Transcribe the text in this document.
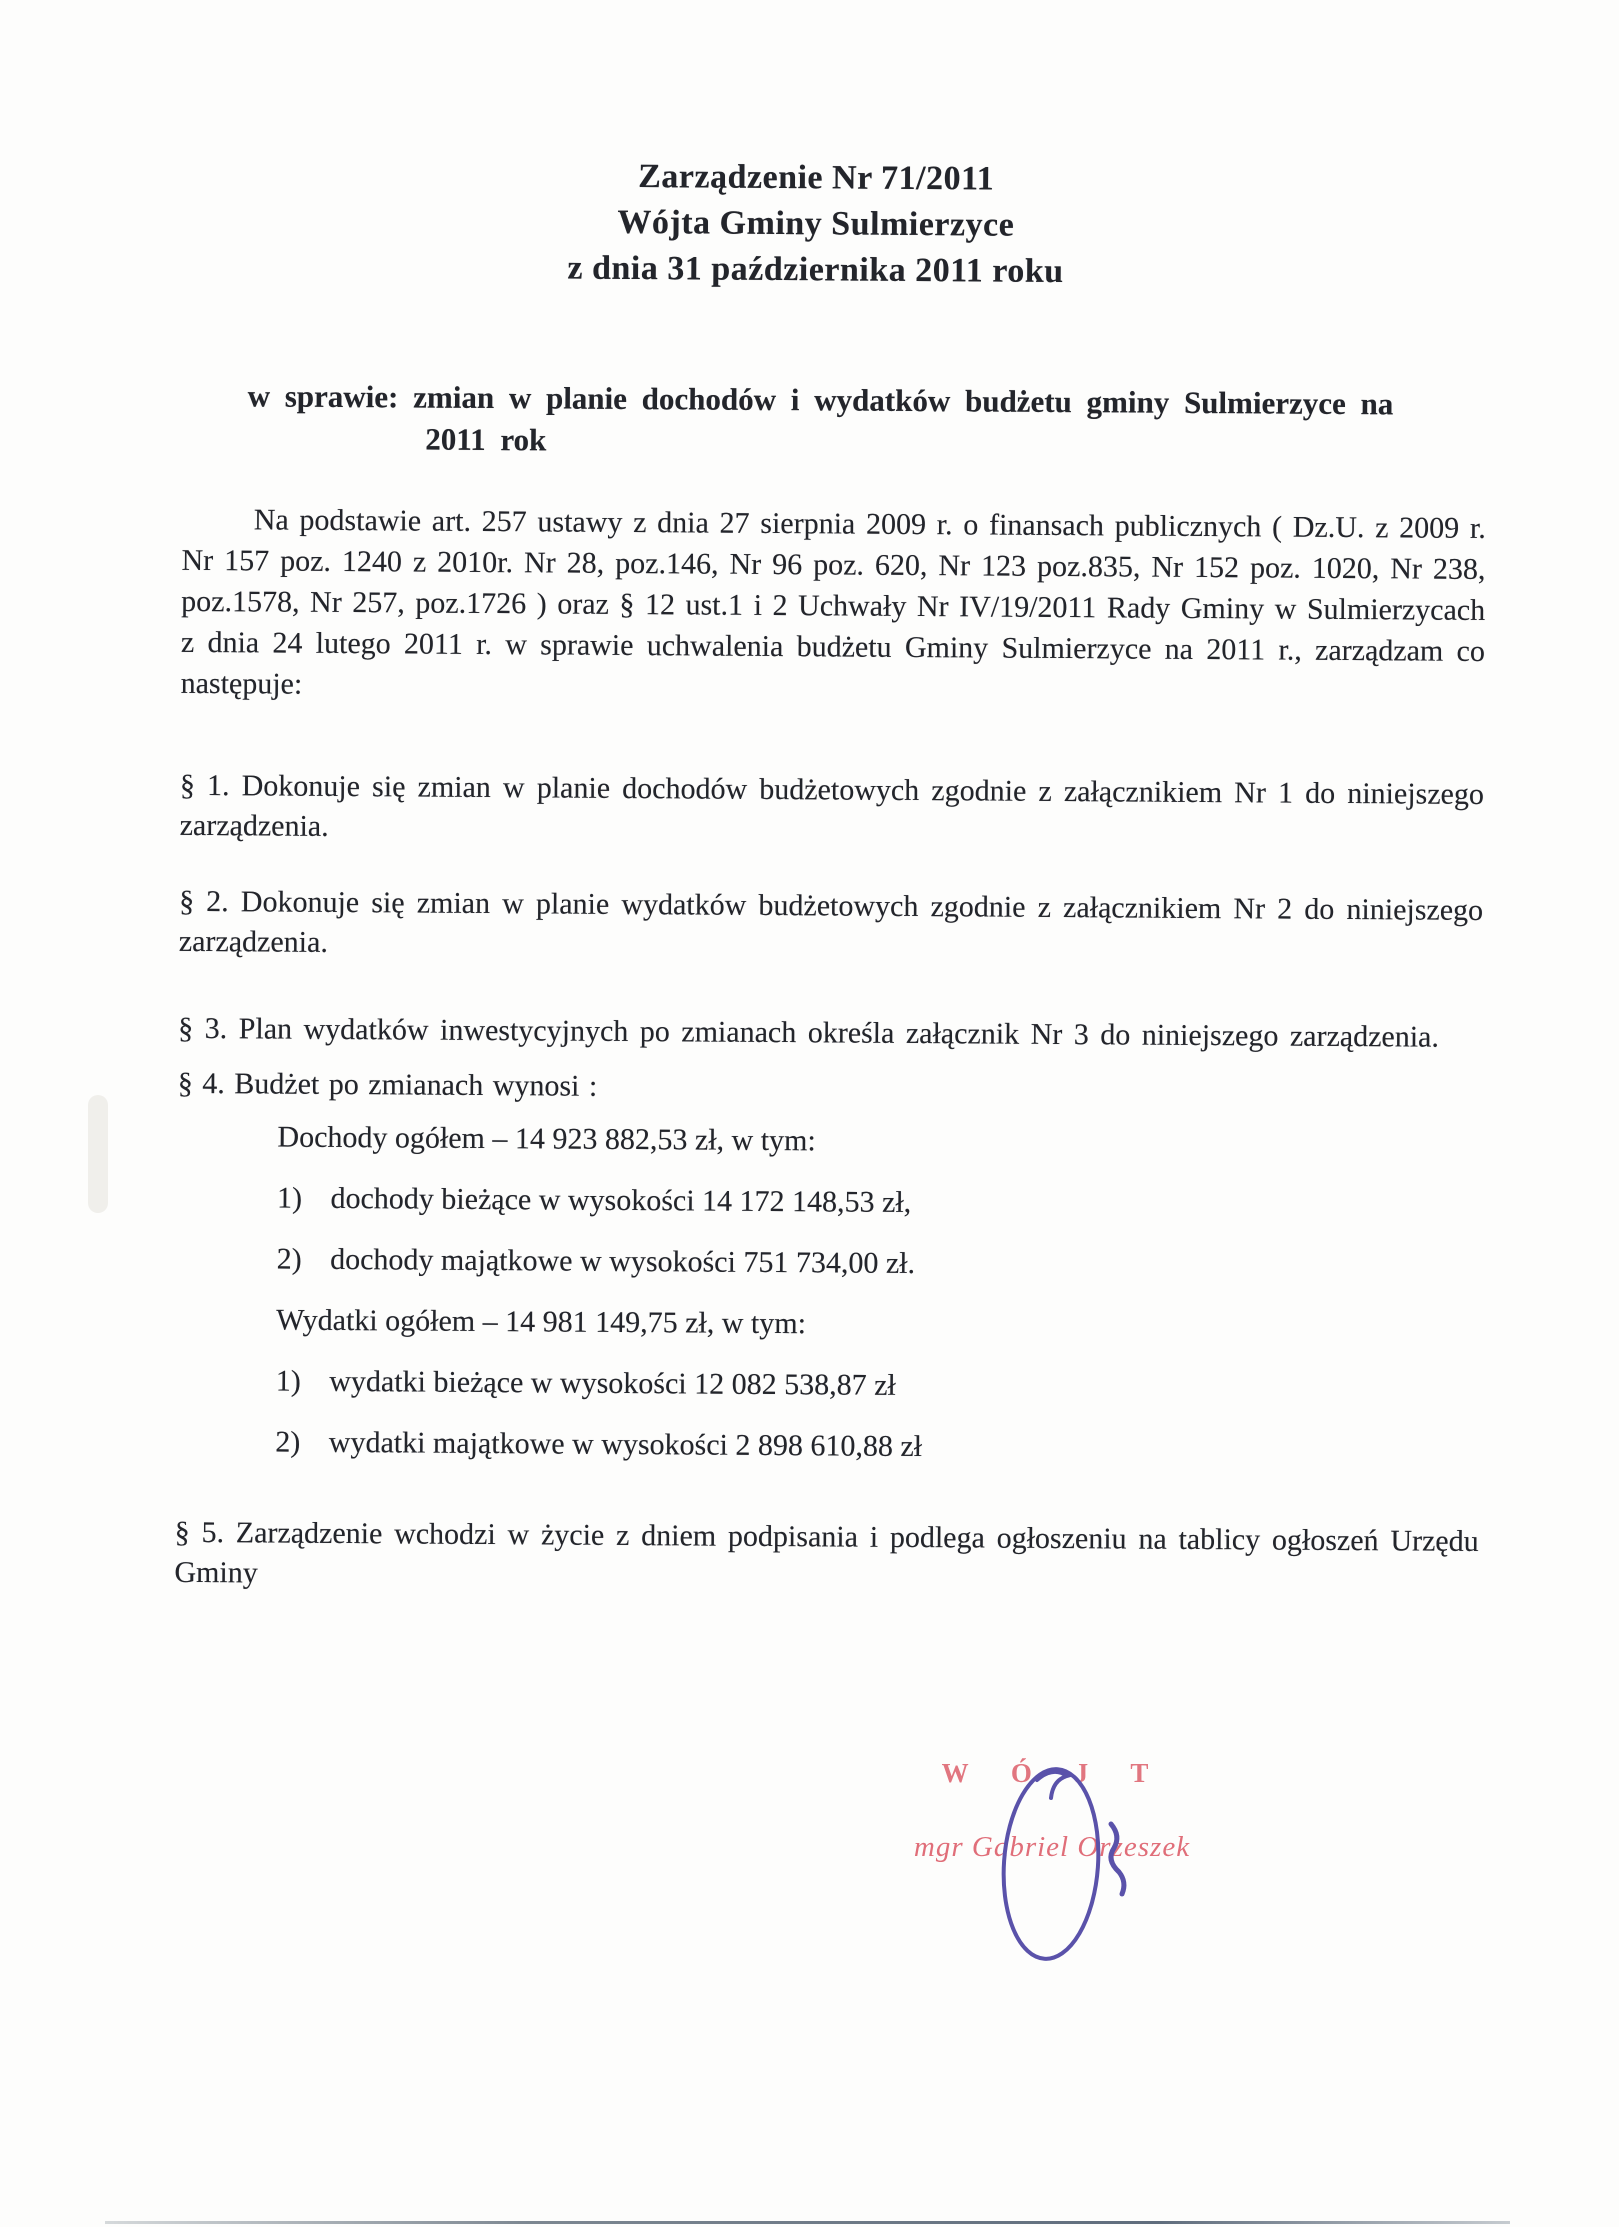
Zarządzenie Nr 71/2011
Wójta Gminy Sulmierzyce
z dnia 31 października 2011 roku

w sprawie: zmian w planie dochodów i wydatków budżetu gminy Sulmierzyce na
2011 rok

Na podstawie art. 257 ustawy z dnia 27 sierpnia 2009 r. o finansach publicznych ( Dz.U. z 2009 r. Nr 157 poz. 1240 z 2010r. Nr 28, poz.146, Nr 96 poz. 620, Nr 123 poz.835, Nr 152 poz. 1020, Nr 238, poz.1578, Nr 257, poz.1726 ) oraz § 12 ust.1 i 2 Uchwały Nr IV/19/2011 Rady Gminy w Sulmierzycach z dnia 24 lutego 2011 r. w sprawie uchwalenia budżetu Gminy Sulmierzyce na 2011 r., zarządzam co następuje:

§ 1. Dokonuje się zmian w planie dochodów budżetowych zgodnie z załącznikiem Nr 1 do niniejszego zarządzenia.

§ 2. Dokonuje się zmian w planie wydatków budżetowych zgodnie z załącznikiem Nr 2 do niniejszego zarządzenia.

§ 3. Plan wydatków inwestycyjnych po zmianach określa załącznik Nr 3 do niniejszego zarządzenia.

§ 4. Budżet po zmianach wynosi :

Dochody ogółem – 14 923 882,53 zł, w tym:
1) dochody bieżące w wysokości 14 172 148,53 zł,
2) dochody majątkowe w wysokości 751 734,00 zł.
Wydatki ogółem – 14 981 149,75 zł, w tym:
1) wydatki bieżące w wysokości 12 082 538,87 zł
2) wydatki majątkowe w wysokości 2 898 610,88 zł

§ 5. Zarządzenie wchodzi w życie z dniem podpisania i podlega ogłoszeniu na tablicy ogłoszeń Urzędu Gminy

W Ó J T
mgr Gabriel Orzeszek
